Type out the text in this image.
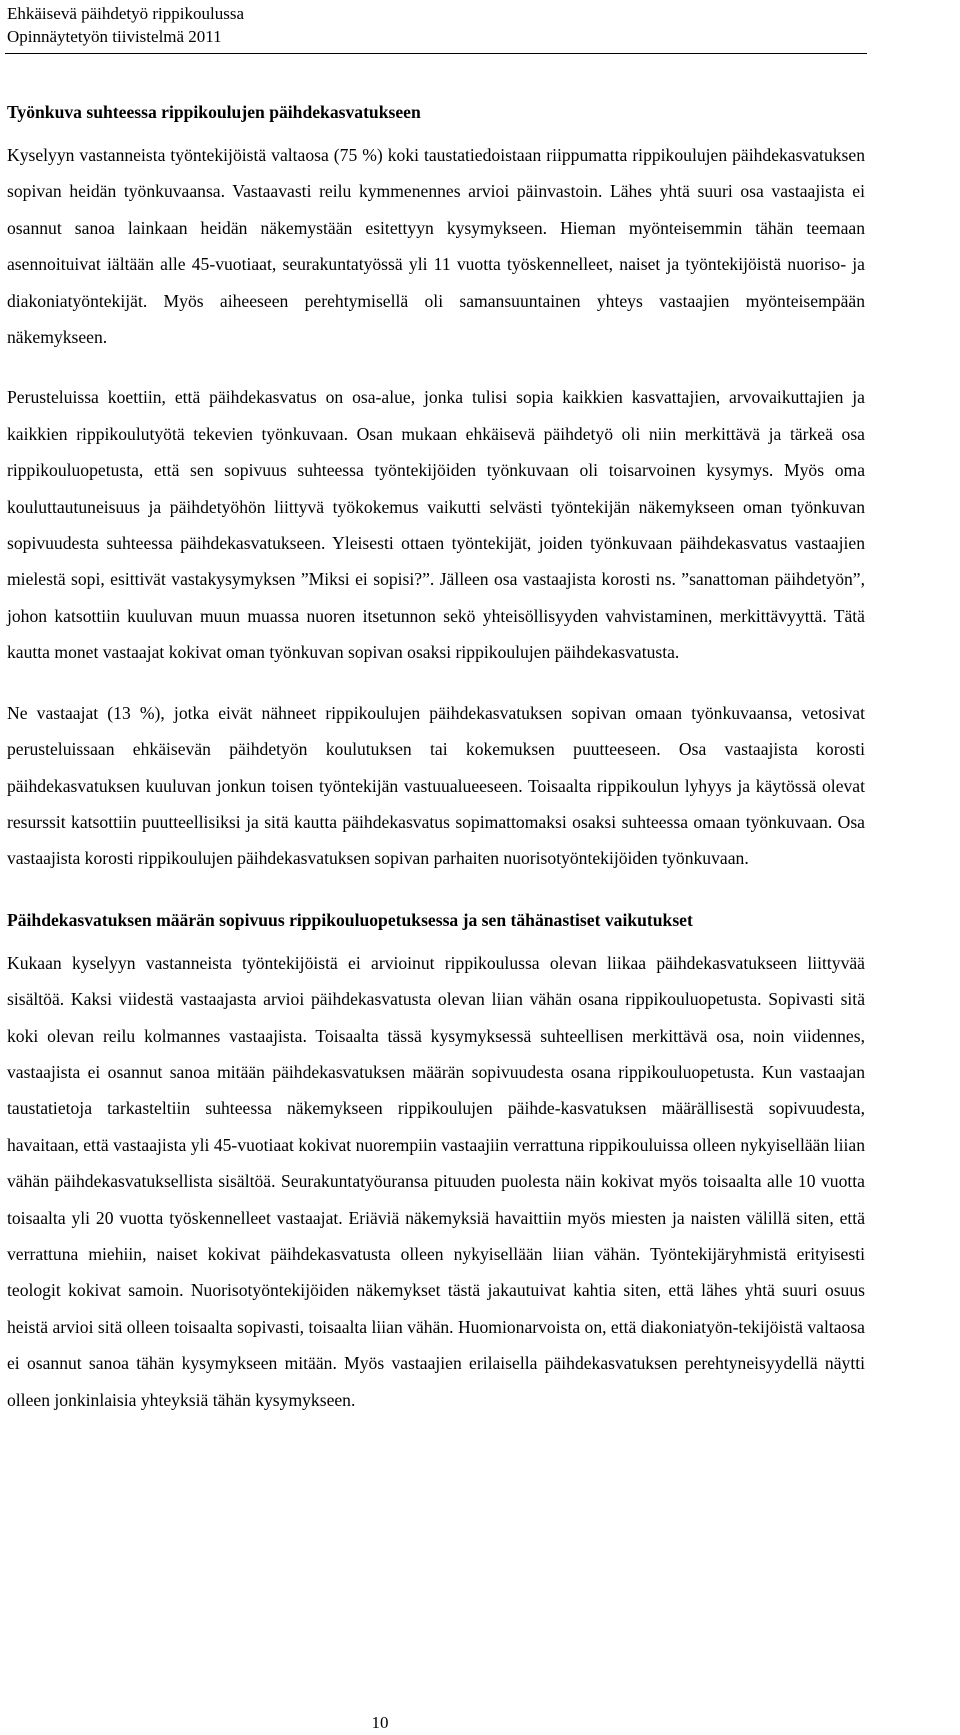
Ehkäisevä päihdetyö rippikoulussa
Opinnäytetyön tiivistelmä 2011
Työnkuva suhteessa rippikoulujen päihdekasvatukseen

Kyselyyn vastanneista työntekijöistä valtaosa (75 %) koki taustatiedoistaan riippumatta rippikoulujen päihdekasvatuksen sopivan heidän työnkuvaansa. Vastaavasti reilu kymmenennes arvioi päinvastoin. Lähes yhtä suuri osa vastaajista ei osannut sanoa lainkaan heidän näkemystään esitettyyn kysymykseen. Hieman myönteisemmin tähän teemaan asennoituivat iältään alle 45-vuotiaat, seurakuntatyössä yli 11 vuotta työskennelleet, naiset ja työntekijöistä nuoriso- ja diakoniatyöntekijät. Myös aiheeseen perehtymisellä oli samansuuntainen yhteys vastaajien myönteisempään näkemykseen.

Perusteluissa koettiin, että päihdekasvatus on osa-alue, jonka tulisi sopia kaikkien kasvattajien, arvovaikuttajien ja kaikkien rippikoulutyötä tekevien työnkuvaan. Osan mukaan ehkäisevä päihdetyö oli niin merkittävä ja tärkeä osa rippikouluopetusta, että sen sopivuus suhteessa työntekijöiden työnkuvaan oli toisarvoinen kysymys. Myös oma kouluttautuneisuus ja päihdetyöhön liittyvä työkokemus vaikutti selvästi työntekijän näkemykseen oman työnkuvan sopivuudesta suhteessa päihdekasvatukseen. Yleisesti ottaen työntekijät, joiden työnkuvaan päihdekasvatus vastaajien mielestä sopi, esittivät vastakysymyksen ”Miksi ei sopisi?”. Jälleen osa vastaajista korosti ns. ”sanattoman päihdetyön”, johon katsottiin kuuluvan muun muassa nuoren itsetunnon sekö yhteisöllisyyden vahvistaminen, merkittävyyttä. Tätä kautta monet vastaajat kokivat oman työnkuvan sopivan osaksi rippikoulujen päihdekasvatusta.

Ne vastaajat (13 %), jotka eivät nähneet rippikoulujen päihdekasvatuksen sopivan omaan työnkuvaansa, vetosivat perusteluissaan ehkäisevän päihdetyön koulutuksen tai kokemuksen puutteeseen. Osa vastaajista korosti päihdekasvatuksen kuuluvan jonkun toisen työntekijän vastuualueeseen. Toisaalta rippikoulun lyhyys ja käytössä olevat resurssit katsottiin puutteellisiksi ja sitä kautta päihdekasvatus sopimattomaksi osaksi suhteessa omaan työnkuvaan. Osa vastaajista korosti rippikoulujen päihdekasvatuksen sopivan parhaiten nuorisotyöntekijöiden työnkuvaan.

Päihdekasvatuksen määrän sopivuus rippikouluopetuksessa ja sen tähänastiset vaikutukset

Kukaan kyselyyn vastanneista työntekijöistä ei arvioinut rippikoulussa olevan liikaa päihdekasvatukseen liittyvää sisältöä. Kaksi viidestä vastaajasta arvioi päihdekasvatusta olevan liian vähän osana rippikouluopetusta. Sopivasti sitä koki olevan reilu kolmannes vastaajista. Toisaalta tässä kysymyksessä suhteellisen merkittävä osa, noin viidennes, vastaajista ei osannut sanoa mitään päihdekasvatuksen määrän sopivuudesta osana rippikouluopetusta. Kun vastaajan taustatietoja tarkasteltiin suhteessa näkemykseen rippikoulujen päihde-kasvatuksen määrällisestä sopivuudesta, havaitaan, että vastaajista yli 45-vuotiaat kokivat nuorempiin vastaajiin verrattuna rippikouluissa olleen nykyisellään liian vähän päihdekasvatuksellista sisältöä. Seurakuntatyöuransa pituuden puolesta näin kokivat myös toisaalta alle 10 vuotta toisaalta yli 20 vuotta työskennelleet vastaajat. Eriäviä näkemyksiä havaittiin myös miesten ja naisten välillä siten, että verrattuna miehiin, naiset kokivat päihdekasvatusta olleen nykyisellään liian vähän. Työntekijäryhmistä erityisesti teologit kokivat samoin. Nuorisotyöntekijöiden näkemykset tästä jakautuivat kahtia siten, että lähes yhtä suuri osuus heistä arvioi sitä olleen toisaalta sopivasti, toisaalta liian vähän. Huomionarvoista on, että diakoniatyön-tekijöistä valtaosa ei osannut sanoa tähän kysymykseen mitään. Myös vastaajien erilaisella päihdekasvatuksen perehtyneisyydellä näytti olleen jonkinlaisia yhteyksiä tähän kysymykseen.

10
